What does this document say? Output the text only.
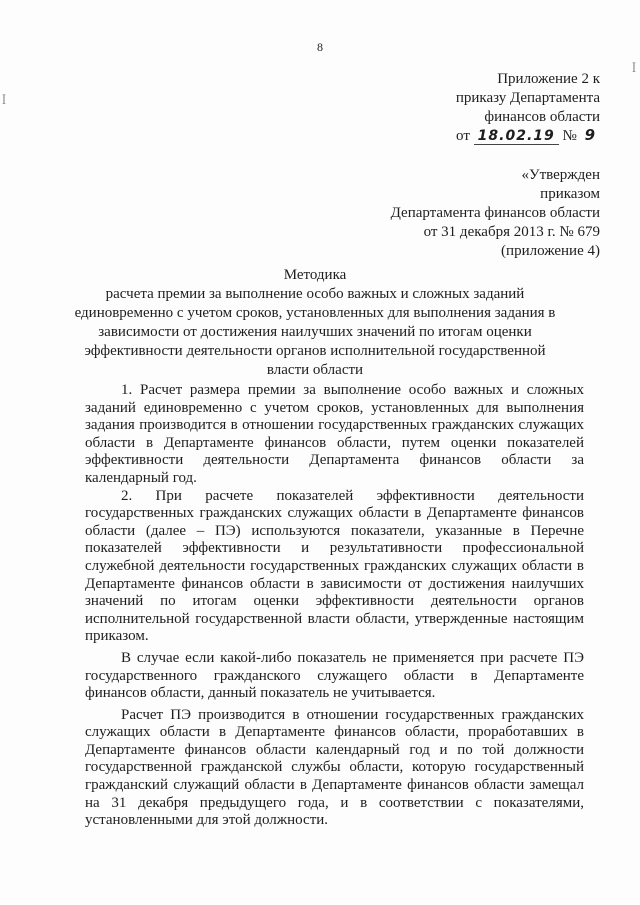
ꟾ
ꟾ
8
Приложение 2 к
приказу Департамента
финансов области
от 18.02.19 № 9
«Утвержден
приказом
Департамента финансов области
от 31 декабря 2013 г. № 679
(приложение 4)
Методика
расчета премии за выполнение особо важных и сложных заданий
единовременно с учетом сроков, установленных для выполнения задания в
зависимости от достижения наилучших значений по итогам оценки
эффективности деятельности органов исполнительной государственной
власти области

1. Расчет размера премии за выполнение особо важных и сложных заданий единовременно с учетом сроков, установленных для выполнения задания производится в отношении государственных гражданских служащих области в Департаменте финансов области, путем оценки показателей эффективности деятельности Департамента финансов области за календарный год.

2. При расчете показателей эффективности деятельности государственных гражданских служащих области в Департаменте финансов области (далее – ПЭ) используются показатели, указанные в Перечне показателей эффективности и результативности профессиональной служебной деятельности государственных гражданских служащих области в Департаменте финансов области в зависимости от достижения наилучших значений по итогам оценки эффективности деятельности органов исполнительной государственной власти области, утвержденные настоящим приказом.

В случае если какой-либо показатель не применяется при расчете ПЭ государственного гражданского служащего области в Департаменте финансов области, данный показатель не учитывается.

Расчет ПЭ производится в отношении государственных гражданских служащих области в Департаменте финансов области, проработавших в Департаменте финансов области календарный год и по той должности государственной гражданской службы области, которую государственный гражданский служащий области в Департаменте финансов области замещал на 31 декабря предыдущего года, и в соответствии с показателями, установленными для этой должности.
